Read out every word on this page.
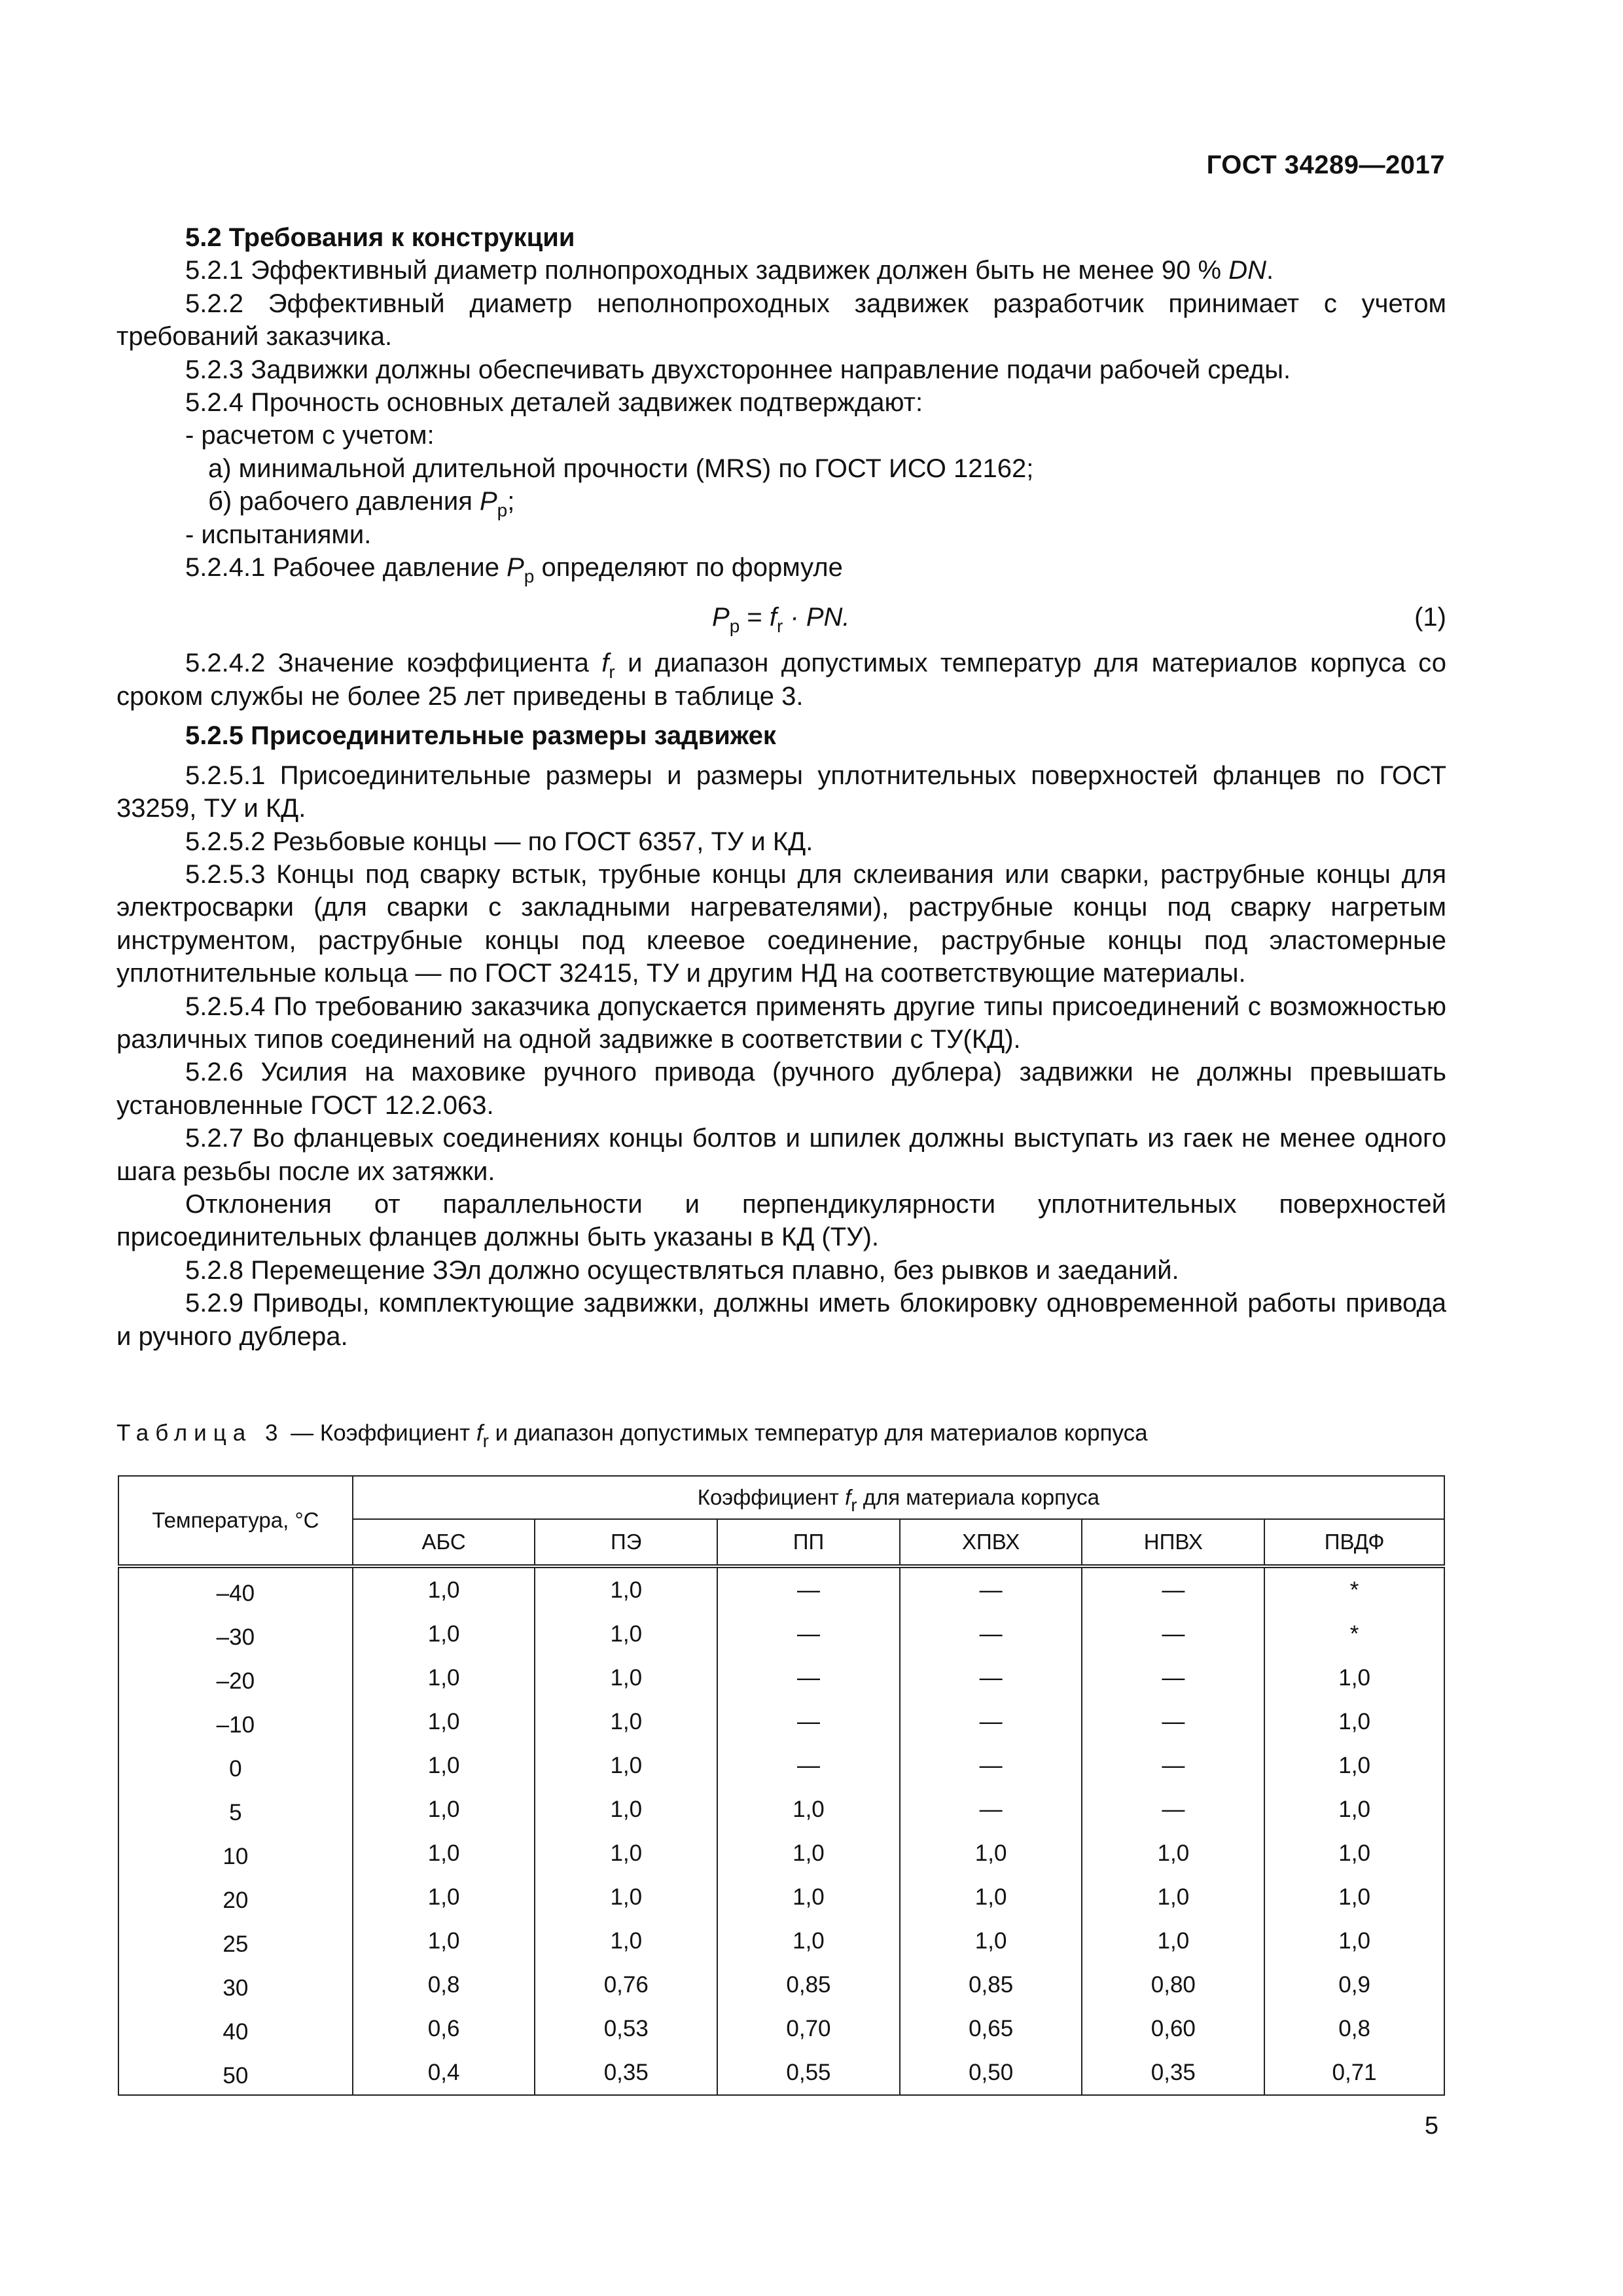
ГОСТ 34289—2017

5.2 Требования к конструкции

5.2.1 Эффективный диаметр полнопроходных задвижек должен быть не менее 90 % DN.

5.2.2 Эффективный диаметр неполнопроходных задвижек разработчик принимает с учетом требований заказчика.

5.2.3 Задвижки должны обеспечивать двухстороннее направление подачи рабочей среды.

5.2.4 Прочность основных деталей задвижек подтверждают:

- расчетом с учетом:

а) минимальной длительной прочности (MRS) по ГОСТ ИСО 12162;

б) рабочего давления $P_р$;

- испытаниями.

5.2.4.1 Рабочее давление $P_р$ определяют по формуле

$P_р = f_r$ · PN.	(1)

5.2.4.2 Значение коэффициента $f_r$ и диапазон допустимых температур для материалов корпуса со сроком службы не более 25 лет приведены в таблице 3.

5.2.5 Присоединительные размеры задвижек

5.2.5.1 Присоединительные размеры и размеры уплотнительных поверхностей фланцев по ГОСТ 33259, ТУ и КД.

5.2.5.2 Резьбовые концы — по ГОСТ 6357, ТУ и КД.

5.2.5.3 Концы под сварку встык, трубные концы для склеивания или сварки, раструбные концы для электросварки (для сварки с закладными нагревателями), раструбные концы под сварку нагретым инструментом, раструбные концы под клеевое соединение, раструбные концы под эластомерные уплотнительные кольца — по ГОСТ 32415, ТУ и другим НД на соответствующие материалы.

5.2.5.4 По требованию заказчика допускается применять другие типы присоединений с возможностью различных типов соединений на одной задвижке в соответствии с ТУ(КД).

5.2.6 Усилия на маховике ручного привода (ручного дублера) задвижки не должны превышать установленные ГОСТ 12.2.063.

5.2.7 Во фланцевых соединениях концы болтов и шпилек должны выступать из гаек не менее одного шага резьбы после их затяжки.

Отклонения от параллельности и перпендикулярности уплотнительных поверхностей присоединительных фланцев должны быть указаны в КД (ТУ).

5.2.8 Перемещение ЗЭл должно осуществляться плавно, без рывков и заеданий.

5.2.9 Приводы, комплектующие задвижки, должны иметь блокировку одновременной работы привода и ручного дублера.

Таблица 3 — Коэффициент $f_r$ и диапазон допустимых температур для материалов корпуса
Температура, °С	Коэффициент $f_r$ для материала корпуса					
	АБС	ПЭ	ПП	ХПВХ	НПВХ	ПВДФ
–40	1,0	1,0	—	—	—	*
–30	1,0	1,0	—	—	—	*
–20	1,0	1,0	—	—	—	1,0
–10	1,0	1,0	—	—	—	1,0
0	1,0	1,0	—	—	—	1,0
5	1,0	1,0	1,0	—	—	1,0
10	1,0	1,0	1,0	1,0	1,0	1,0
20	1,0	1,0	1,0	1,0	1,0	1,0
25	1,0	1,0	1,0	1,0	1,0	1,0
30	0,8	0,76	0,85	0,85	0,80	0,9
40	0,6	0,53	0,70	0,65	0,60	0,8
50	0,4	0,35	0,55	0,50	0,35	0,71
5
